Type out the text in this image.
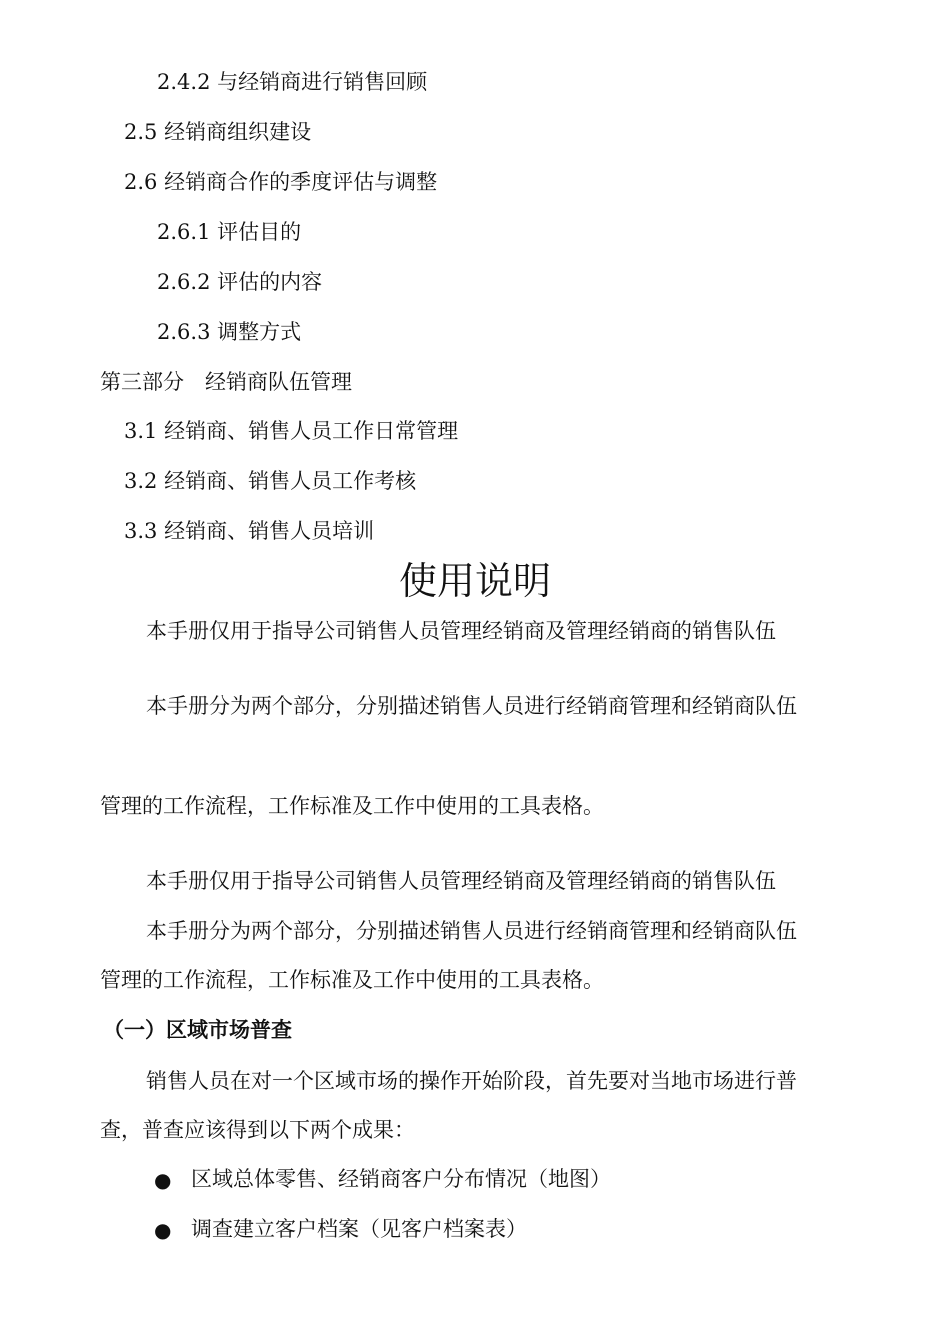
2.4.2 与经销商进行销售回顾
2.5 经销商组织建设
2.6 经销商合作的季度评估与调整
2.6.1 评估目的
2.6.2 评估的内容
2.6.3 调整方式
第三部分　经销商队伍管理
3.1 经销商、销售人员工作日常管理
3.2 经销商、销售人员工作考核
3.3 经销商、销售人员培训
使用说明
本手册仅用于指导公司销售人员管理经销商及管理经销商的销售队伍
本手册分为两个部分，分别描述销售人员进行经销商管理和经销商队伍
管理的工作流程，工作标准及工作中使用的工具表格。
本手册仅用于指导公司销售人员管理经销商及管理经销商的销售队伍
本手册分为两个部分，分别描述销售人员进行经销商管理和经销商队伍
管理的工作流程，工作标准及工作中使用的工具表格。
（一）区域市场普查
销售人员在对一个区域市场的操作开始阶段，首先要对当地市场进行普
查，普查应该得到以下两个成果：
● 区域总体零售、经销商客户分布情况（地图）
● 调查建立客户档案（见客户档案表）
